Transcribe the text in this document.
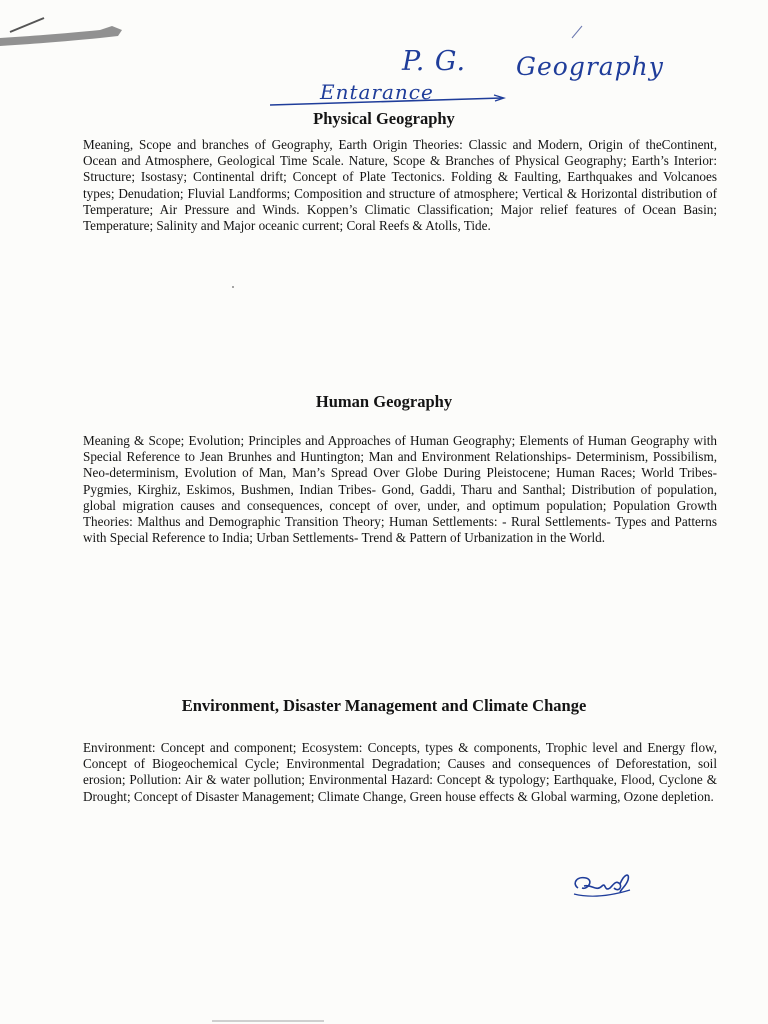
P. G. Geography
Entarance
Physical Geography
Meaning, Scope and branches of Geography, Earth Origin Theories: Classic and Modern, Origin of theContinent, Ocean and Atmosphere, Geological Time Scale. Nature, Scope & Branches of Physical Geography; Earth’s Interior: Structure; Isostasy; Continental drift; Concept of Plate Tectonics. Folding & Faulting, Earthquakes and Volcanoes types; Denudation; Fluvial Landforms; Composition and structure of atmosphere; Vertical & Horizontal distribution of Temperature; Air Pressure and Winds. Koppen’s Climatic Classification; Major relief features of Ocean Basin; Temperature; Salinity and Major oceanic current; Coral Reefs & Atolls, Tide.
Human Geography
Meaning & Scope; Evolution; Principles and Approaches of Human Geography; Elements of Human Geography with Special Reference to Jean Brunhes and Huntington; Man and Environment Relationships- Determinism, Possibilism, Neo-determinism, Evolution of Man, Man’s Spread Over Globe During Pleistocene; Human Races; World Tribes- Pygmies, Kirghiz, Eskimos, Bushmen, Indian Tribes- Gond, Gaddi, Tharu and Santhal; Distribution of population, global migration causes and consequences, concept of over, under, and optimum population; Population Growth Theories: Malthus and Demographic Transition Theory; Human Settlements: - Rural Settlements- Types and Patterns with Special Reference to India; Urban Settlements- Trend & Pattern of Urbanization in the World.
Environment, Disaster Management and Climate Change
Environment: Concept and component; Ecosystem: Concepts, types & components, Trophic level and Energy flow, Concept of Biogeochemical Cycle; Environmental Degradation; Causes and consequences of Deforestation, soil erosion; Pollution: Air & water pollution; Environmental Hazard: Concept & typology; Earthquake, Flood, Cyclone & Drought; Concept of Disaster Management; Climate Change, Green house effects & Global warming, Ozone depletion.
